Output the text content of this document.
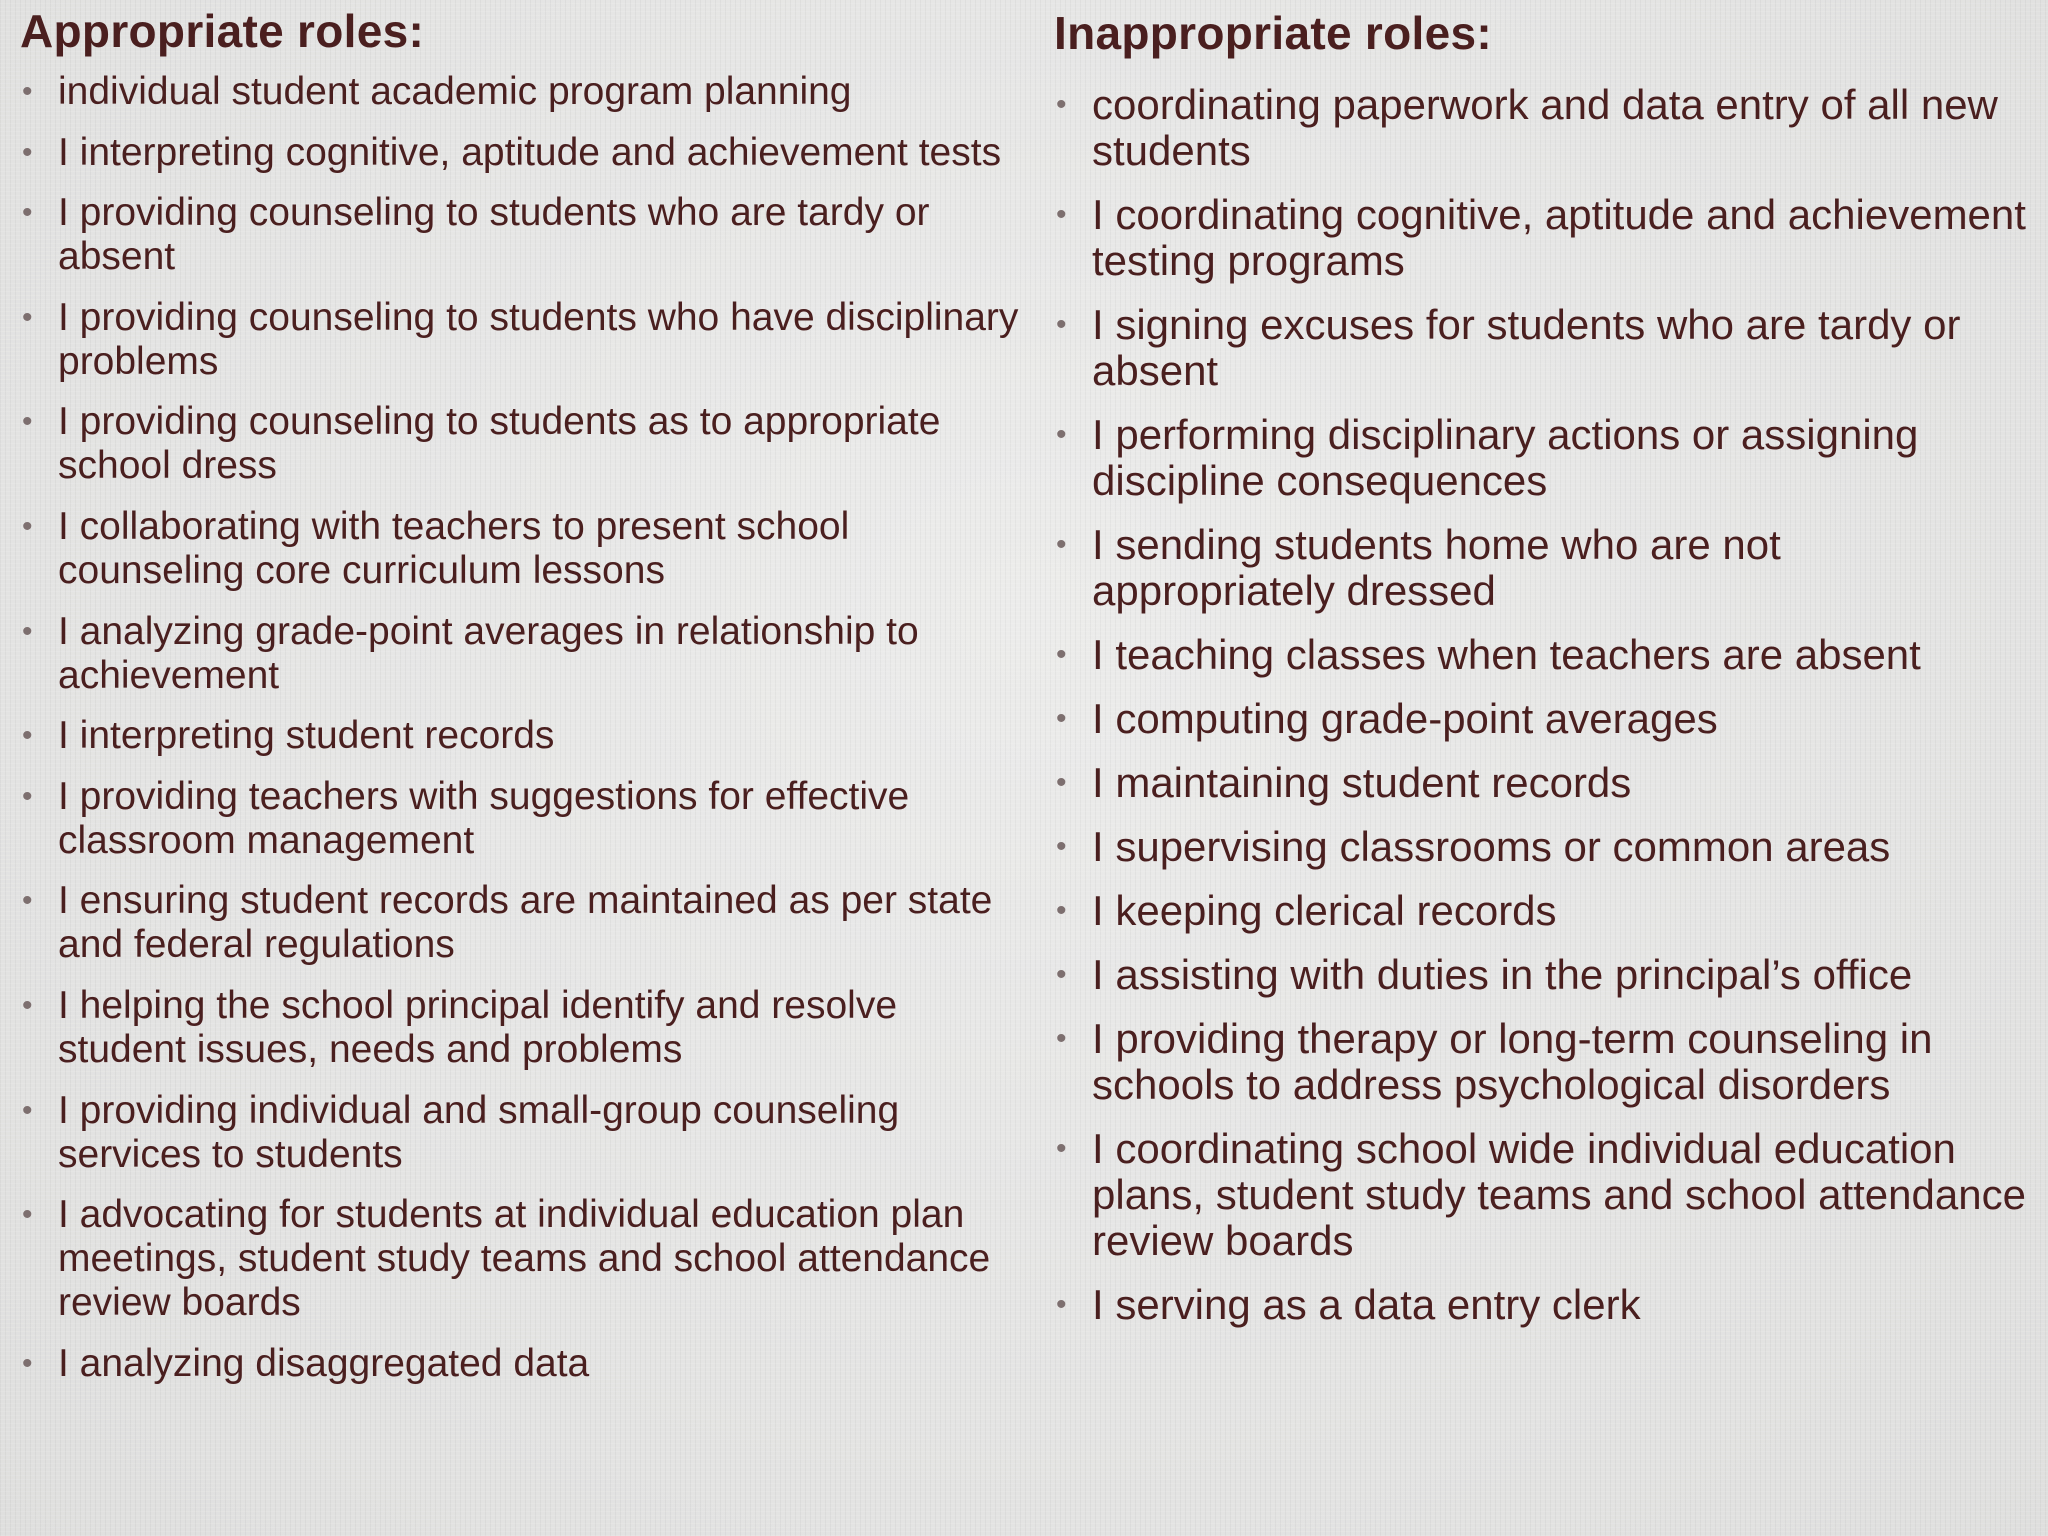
Appropriate roles:
• individual student academic program planning
• I interpreting cognitive, aptitude and achievement tests
• I providing counseling to students who are tardy or absent
• I providing counseling to students who have disciplinary problems
• I providing counseling to students as to appropriate school dress
• I collaborating with teachers to present school counseling core curriculum lessons
• I analyzing grade-point averages in relationship to achievement
• I interpreting student records
• I providing teachers with suggestions for effective classroom management
• I ensuring student records are maintained as per state and federal regulations
• I helping the school principal identify and resolve student issues, needs and problems
• I providing individual and small-group counseling services to students
• I advocating for students at individual education plan meetings, student study teams and school attendance review boards
• I analyzing disaggregated data
Inappropriate roles:
• coordinating paperwork and data entry of all new students
• I coordinating cognitive, aptitude and achievement testing programs
• I signing excuses for students who are tardy or absent
• I performing disciplinary actions or assigning discipline consequences
• I sending students home who are not appropriately dressed
• I teaching classes when teachers are absent
• I computing grade-point averages
• I maintaining student records
• I supervising classrooms or common areas
• I keeping clerical records
• I assisting with duties in the principal’s office
• I providing therapy or long-term counseling in schools to address psychological disorders
• I coordinating school wide individual education plans, student study teams and school attendance review boards
• I serving as a data entry clerk
